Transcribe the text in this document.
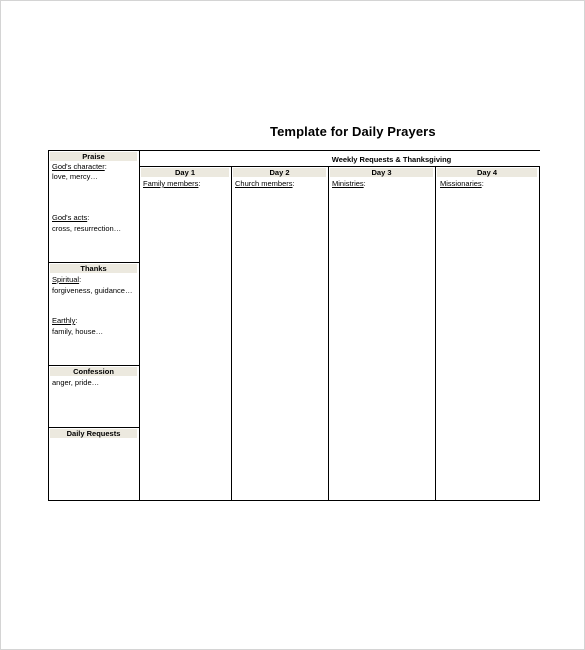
Template for Daily Prayers
Praise
God's character:
love, mercy…
God's acts:
cross, resurrection…
Thanks
Spiritual:
forgiveness, guidance…
Earthly:
family, house…
Confession
anger, pride…
Daily Requests
Weekly Requests & Thanksgiving
Day 1	Day 2	Day 3	Day 4
Family members:	Church members:	Ministries:	Missionaries:
